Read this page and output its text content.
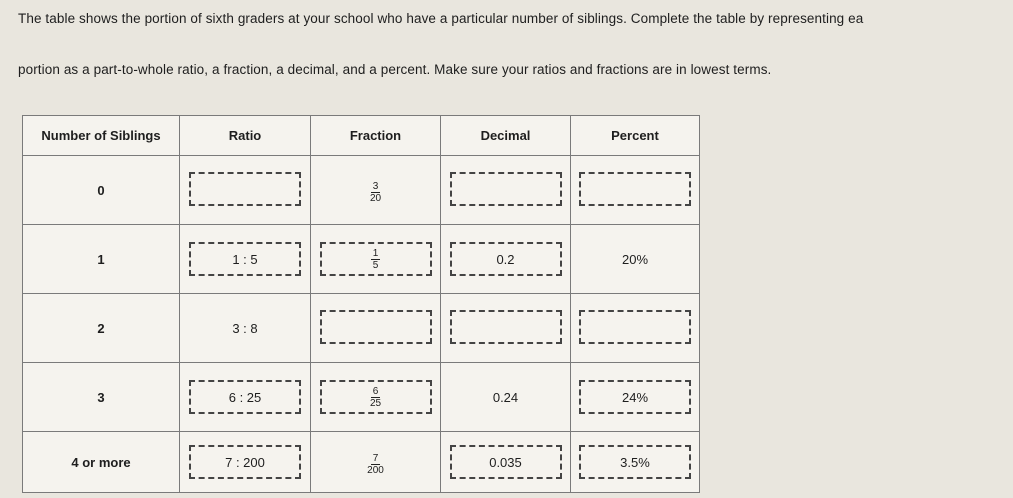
The table shows the portion of sixth graders at your school who have a particular number of siblings. Complete the table by representing ea

portion as a part-to-whole ratio, a fraction, a decimal, and a percent. Make sure your ratios and fractions are in lowest terms.

Number of Siblings	Ratio	Fraction	Decimal	Percent
0		$\frac{3}{20}$

1	1 : 5	$\frac{1}{5}$	0.2	20%
2	3 : 8			
3	6 : 25	$\frac{6}{25}$	0.24	24%
4 or more	7 : 200	$\frac{7}{200}$	0.035	3.5%
